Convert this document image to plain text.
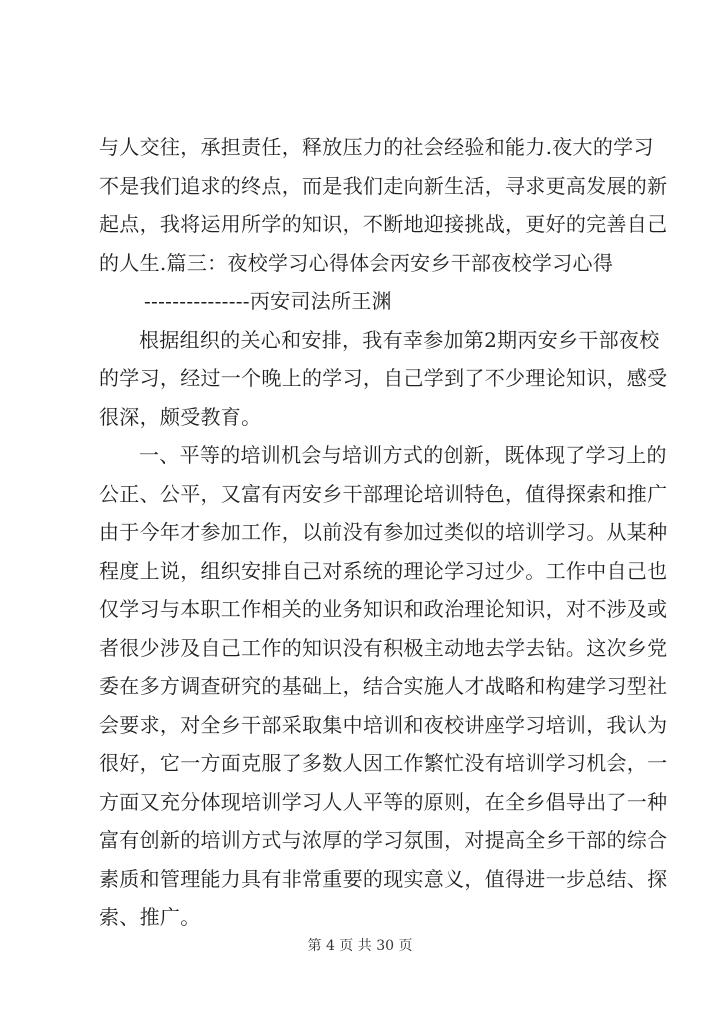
与人交往，承担责任，释放压力的社会经验和能力.夜大的学习
不是我们追求的终点，而是我们走向新生活，寻求更高发展的新
起点，我将运用所学的知识，不断地迎接挑战，更好的完善自己
的人生.篇三：夜校学习心得体会丙安乡干部夜校学习心得
---------------丙安司法所王渊
根据组织的关心和安排，我有幸参加第2期丙安乡干部夜校
的学习，经过一个晚上的学习，自己学到了不少理论知识，感受
很深，颇受教育。
一、平等的培训机会与培训方式的创新，既体现了学习上的
公正、公平，又富有丙安乡干部理论培训特色，值得探索和推广
由于今年才参加工作，以前没有参加过类似的培训学习。从某种
程度上说，组织安排自己对系统的理论学习过少。工作中自己也
仅学习与本职工作相关的业务知识和政治理论知识，对不涉及或
者很少涉及自己工作的知识没有积极主动地去学去钻。这次乡党
委在多方调查研究的基础上，结合实施人才战略和构建学习型社
会要求，对全乡干部采取集中培训和夜校讲座学习培训，我认为
很好，它一方面克服了多数人因工作繁忙没有培训学习机会，一
方面又充分体现培训学习人人平等的原则，在全乡倡导出了一种
富有创新的培训方式与浓厚的学习氛围，对提高全乡干部的综合
素质和管理能力具有非常重要的现实意义，值得进一步总结、探
索、推广。
第 4 页 共 30 页
